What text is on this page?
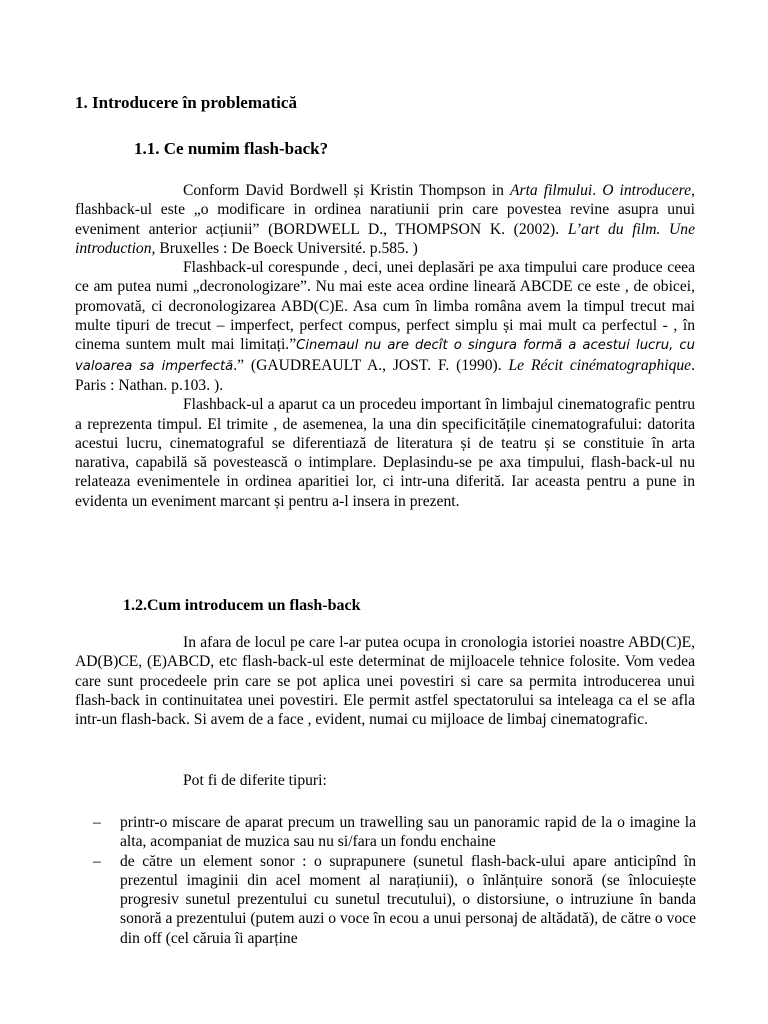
1. Introducere în problematică
1.1. Ce numim flash-back?

Conform David Bordwell și Kristin Thompson in Arta filmului. O introducere, flashback-ul este „o modificare in ordinea naratiunii prin care povestea revine asupra unui eveniment anterior acțiunii” (BORDWELL D., THOMPSON K. (2002). L’art du film. Une introduction, Bruxelles : De Boeck Université. p.585. )

Flashback-ul corespunde , deci, unei deplasări pe axa timpului care produce ceea ce am putea numi „decronologizare”. Nu mai este acea ordine lineară ABCDE ce este , de obicei, promovată, ci decronologizarea ABD(C)E. Asa cum în limba româna avem la timpul trecut mai multe tipuri de trecut – imperfect, perfect compus, perfect simplu și mai mult ca perfectul - , în cinema suntem mult mai limitați.”Cinemaul nu are decît o singura formă a acestui lucru, cu valoarea sa imperfectă.” (GAUDREAULT A., JOST. F. (1990). Le Récit cinématographique. Paris : Nathan. p.103. ).

Flashback-ul a aparut ca un procedeu important în limbajul cinematografic pentru a reprezenta timpul. El trimite , de asemenea, la una din specificitățile cinematografului: datorita acestui lucru, cinematograful se diferentiază de literatura și de teatru și se constituie în arta narativa, capabilă să povestească o intimplare. Deplasindu-se pe axa timpului, flash-back-ul nu relateaza evenimentele in ordinea aparitiei lor, ci intr-una diferită. Iar aceasta pentru a pune in evidenta un eveniment marcant și pentru a-l insera in prezent.

1.2.Cum introducem un flash-back

In afara de locul pe care l-ar putea ocupa in cronologia istoriei noastre ABD(C)E, AD(B)CE, (E)ABCD, etc flash-back-ul este determinat de mijloacele tehnice folosite. Vom vedea care sunt procedeele prin care se pot aplica unei povestiri si care sa permita introducerea unui flash-back in continuitatea unei povestiri. Ele permit astfel spectatorului sa inteleaga ca el se afla intr-un flash-back. Si avem de a face , evident, numai cu mijloace de limbaj cinematografic.

Pot fi de diferite tipuri:

– printr-o miscare de aparat precum un trawelling sau un panoramic rapid de la o imagine la alta, acompaniat de muzica sau nu si/fara un fondu enchaine
– de către un element sonor : o suprapunere (sunetul flash-back-ului apare anticipînd în prezentul imaginii din acel moment al narațiunii), o înlănțuire sonoră (se înlocuiește progresiv sunetul prezentului cu sunetul trecutului), o distorsiune, o intruziune în banda sonoră a prezentului (putem auzi o voce în ecou a unui personaj de altădată), de către o voce din off (cel căruia îi aparține
